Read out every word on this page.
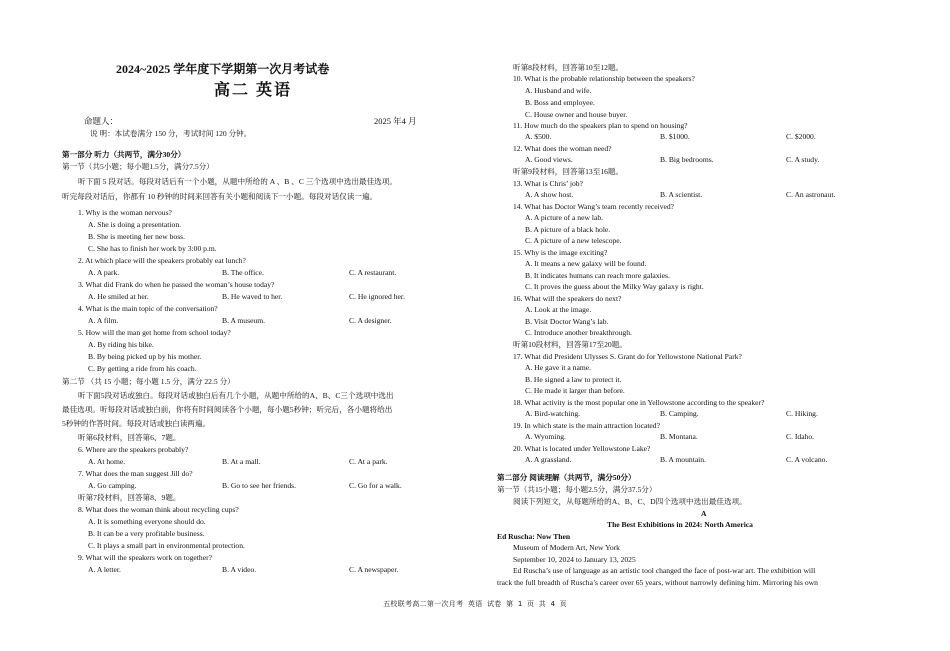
2024~2025 学年度下学期第一次月考试卷
高二 英语
命题人：	2025 年4 月
说 明：本试卷满分 150 分，考试时间 120 分钟。
第一部分 听力（共两节，满分30分）
第一节（共5小题；每小题1.5分，满分7.5分）
听下面 5 段对话。每段对话后有一个小题，从题中所给的 A 、B 、C 三个选项中选出最佳选项。
听完每段对话后，你都有 10 秒钟的时间来回答有关小题和阅读下一小题。每段对话仅读一遍。
1. Why is the woman nervous?
A. She is doing a presentation.
B. She is meeting her new boss.
C. She has to finish her work by 3:00 p.m.
2. At which place will the speakers probably eat lunch?
A. A park.	B. The office.	C. A restaurant.
3. What did Frank do when he passed the woman’s house today?
A. He smiled at her.	B. He waved to her.	C. He ignored her.
4. What is the main topic of the conversation?
A. A film.	B. A museum.	C. A designer.
5. How will the man get home from school today?
A. By riding his bike.
B. By being picked up by his mother.
C. By getting a ride from his coach.
第二节 （共 15 小题；每小题 1.5 分，满分 22.5 分）
听下面5段对话或独白。每段对话或独白后有几个小题，从题中所给的A、B、C三个选项中选出
最佳选项。听每段对话或独白前，你将有时间阅读各个小题，每小题5秒钟；听完后，各小题将给出
5秒钟的作答时间。每段对话或独白读两遍。
听第6段材料，回答第6、7题。
6. Where are the speakers probably?
A. At home.	B. At a mall.	C. At a park.
7. What does the man suggest Jill do?
A. Go camping.	B. Go to see her friends.	C. Go for a walk.
听第7段材料，回答第8、9题。
8. What does the woman think about recycling cups?
A. It is something everyone should do.
B. It can be a very profitable business.
C. It plays a small part in environmental protection.
9. What will the speakers work on together?
A. A letter.	B. A video.	C. A newspaper.
听第8段材料，回答第10至12题。
10. What is the probable relationship between the speakers?
A. Husband and wife.
B. Boss and employee.
C. House owner and house buyer.
11. How much do the speakers plan to spend on housing?
A. $500.	B. $1000.	C. $2000.
12. What does the woman need?
A. Good views.	B. Big bedrooms.	C. A study.
听第9段材料，回答第13至16题。
13. What is Chris’ job?
A. A show host.	B. A scientist.	C. An astronaut.
14. What has Doctor Wang’s team recently received?
A. A picture of a new lab.
B. A picture of a black hole.
C. A picture of a new telescope.
15. Why is the image exciting?
A. It means a new galaxy will be found.
B. It indicates humans can reach more galaxies.
C. It proves the guess about the Milky Way galaxy is right.
16. What will the speakers do next?
A. Look at the image.
B. Visit Doctor Wang’s lab.
C. Introduce another breakthrough.
听第10段材料，回答第17至20题。
17. What did President Ulysses S. Grant do for Yellowstone National Park?
A. He gave it a name.
B. He signed a law to protect it.
C. He made it larger than before.
18. What activity is the most popular one in Yellowstone according to the speaker?
A. Bird-watching.	B. Camping.	C. Hiking.
19. In which state is the main attraction located?
A. Wyoming.	B. Montana.	C. Idaho.
20. What is located under Yellowstone Lake?
A. A grassland.	B. A mountain.	C. A volcano.
第二部分 阅读理解（共两节，满分50分）
第一节（共15小题；每小题2.5分，满分37.5分）
阅读下列短文，从每题所给的A、B、C、D四个选项中选出最佳选项。
A
The Best Exhibitions in 2024: North America
Ed Ruscha: Now Then
Museum of Modern Art, New York
September 10, 2024 to January 13, 2025
Ed Ruscha’s use of language as an artistic tool changed the face of post-war art. The exhibition will
track the full breadth of Ruscha’s career over 65 years, without narrowly defining him. Mirroring his own
五校联考高二第一次月考 英语 试卷 第 1 页 共 4 页
